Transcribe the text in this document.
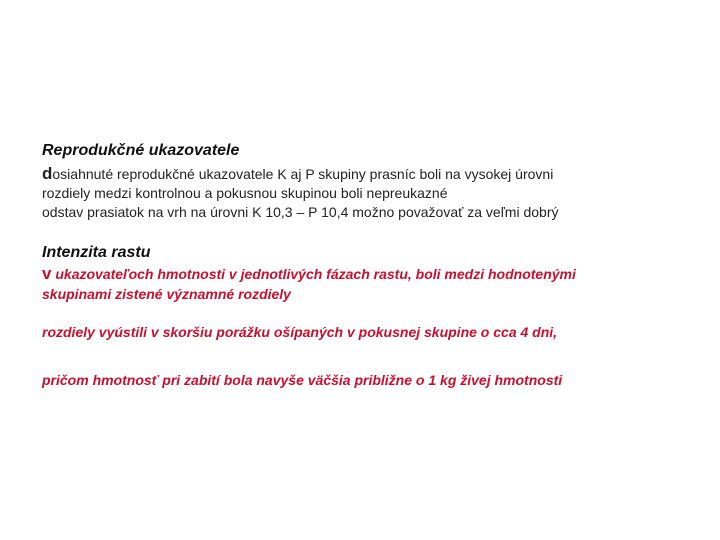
Reprodukčné ukazovatele
dosiahnuté reprodukčné ukazovatele K aj P skupiny prasníc boli na vysokej úrovni
rozdiely medzi kontrolnou a pokusnou skupinou boli nepreukazné
odstav prasiatok na vrh na úrovni K 10,3 – P 10,4 možno považovať za veľmi dobrý
Intenzita rastu
v ukazovateľoch hmotnosti v jednotlivých fázach rastu, boli medzi hodnotenými
skupinami zistené významné rozdiely
rozdiely vyústili v skoršiu porážku ošípaných v pokusnej skupine o cca 4 dni,
pričom hmotnosť pri zabití bola navyše väčšia približne o 1 kg živej hmotnosti
